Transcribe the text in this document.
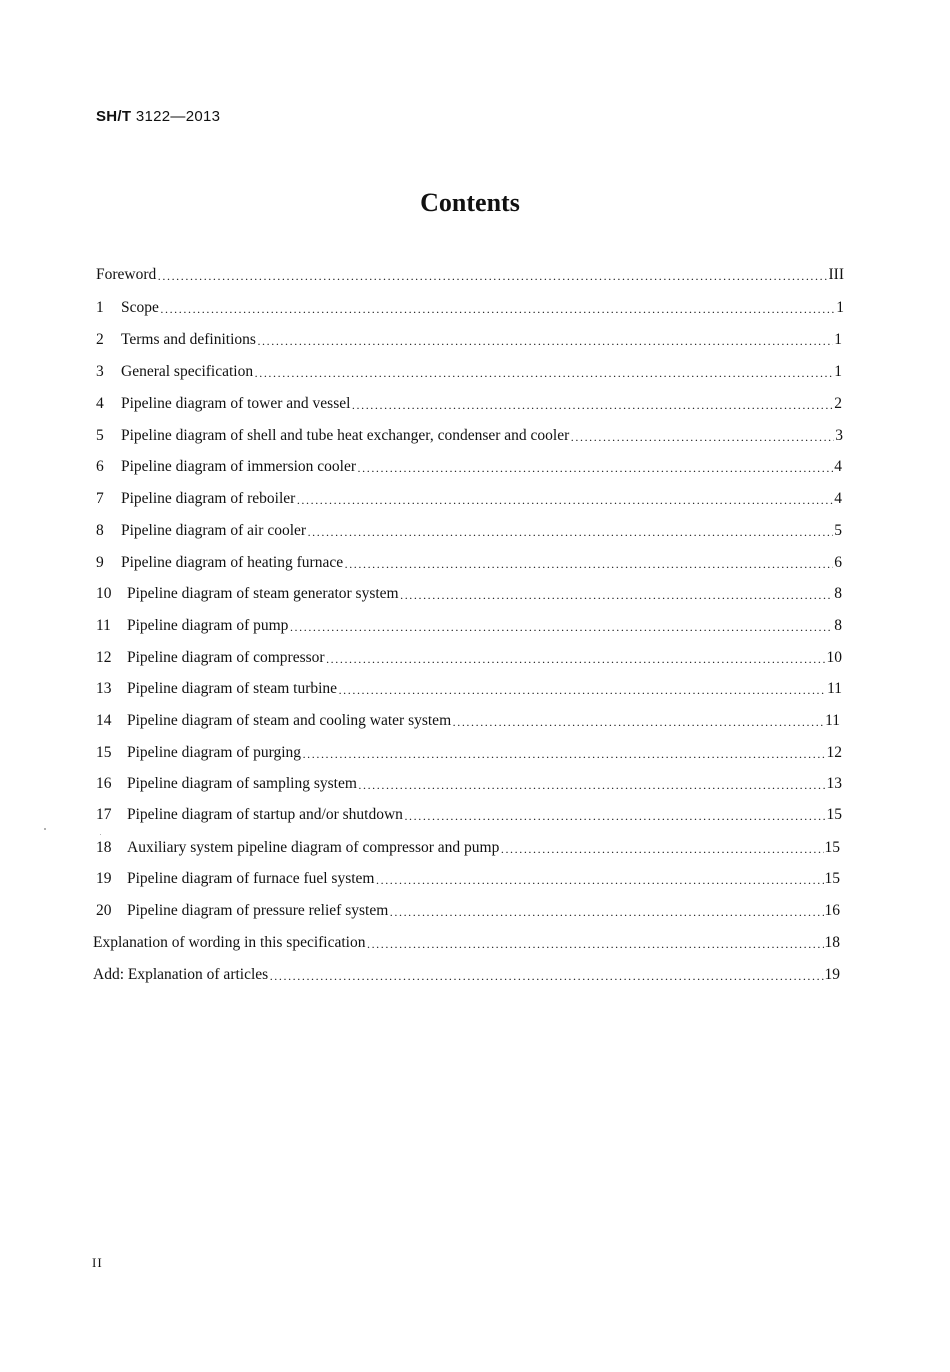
SH/T 3122—2013
Contents
Foreword ·····	III
1	Scope ·····	1
2	Terms and definitions ·····	1
3	General specification ·····	1
4	Pipeline diagram of tower and vessel ·····	2
5	Pipeline diagram of shell and tube heat exchanger, condenser and cooler ·····	3
6	Pipeline diagram of immersion cooler ·····	4
7	Pipeline diagram of reboiler ·····	4
8	Pipeline diagram of air cooler ·····	5
9	Pipeline diagram of heating furnace ·····	6
10	Pipeline diagram of steam generator system ·····	8
11	Pipeline diagram of pump ·····	8
12	Pipeline diagram of compressor ·····	10
13	Pipeline diagram of steam turbine ·····	11
14	Pipeline diagram of steam and cooling water system ·····	11
15	Pipeline diagram of purging ·····	12
16	Pipeline diagram of sampling system ·····	13
17	Pipeline diagram of startup and/or shutdown ·····	15
18	Auxiliary system pipeline diagram of compressor and pump ·····	15
19	Pipeline diagram of furnace fuel system ·····	15
20	Pipeline diagram of pressure relief system ·····	16
Explanation of wording in this specification ·····	18
Add: Explanation of articles ·····	19
II
